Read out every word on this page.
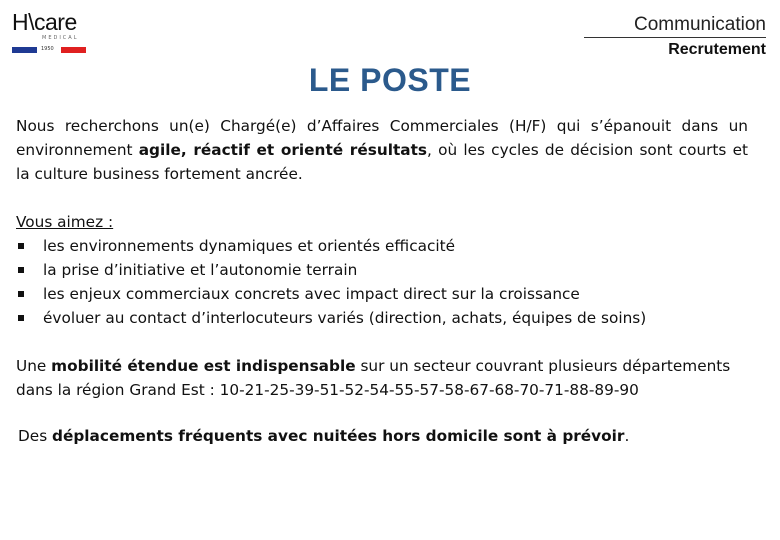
H\care
MEDICAL
1950
Communication
Recrutement
LE POSTE

Nous recherchons un(e) Chargé(e) d’Affaires Commerciales (H/F) qui s’épanouit dans un environnement agile, réactif et orienté résultats, où les cycles de décision sont courts et la culture business fortement ancrée.

Vous aimez :

les environnements dynamiques et orientés efficacité
la prise d’initiative et l’autonomie terrain
les enjeux commerciaux concrets avec impact direct sur la croissance
évoluer au contact d’interlocuteurs variés (direction, achats, équipes de soins)

Une mobilité étendue est indispensable sur un secteur couvrant plusieurs départements dans la région Grand Est : 10-21-25-39-51-52-54-55-57-58-67-68-70-71-88-89-90

Des déplacements fréquents avec nuitées hors domicile sont à prévoir.
